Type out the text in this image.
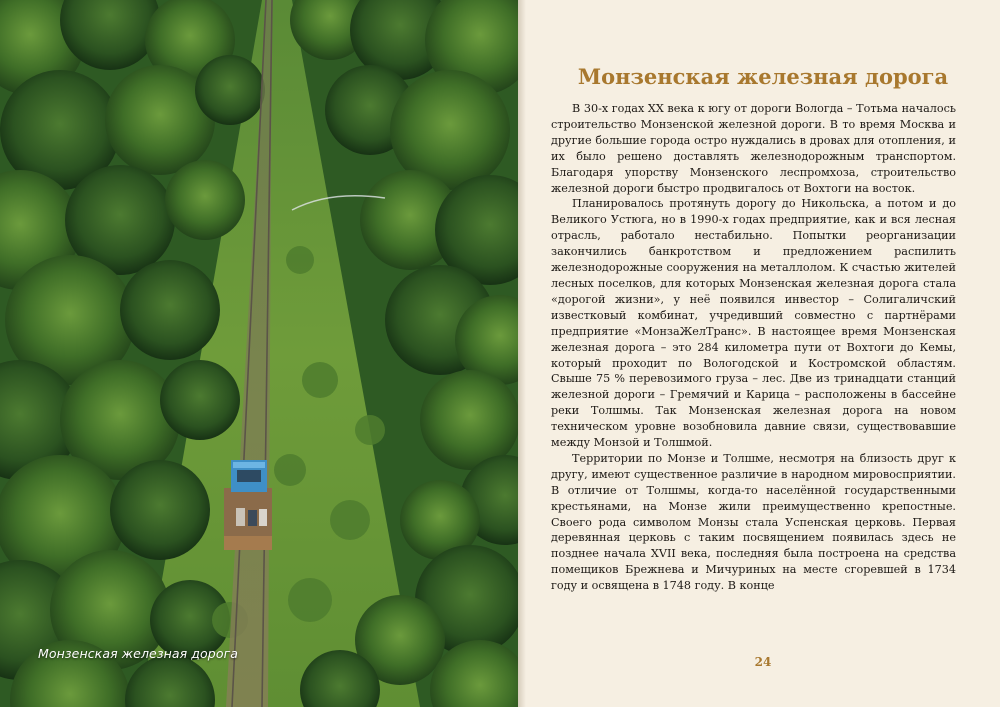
Монзенская железная дорога
Монзенская железная дорога

В 30-х годах XX века к югу от дороги Вологда – Тотьма началось строительство Монзенской железной дороги. В то время Москва и другие большие города остро нуждались в дровах для отопления, и их было решено доставлять железнодорожным транспортом. Благодаря упорству Монзенского леспромхоза, строительство железной дороги быстро продвигалось от Вохтоги на восток.

Планировалось протянуть дорогу до Никольска, а потом и до Великого Устюга, но в 1990-х годах предприятие, как и вся лесная отрасль, работало нестабильно. Попытки реорганизации закончились банкротством и предложением распилить железнодорожные сооружения на металлолом. К счастью жителей лесных поселков, для которых Монзенская железная дорога стала «дорогой жизни», у неё появился инвестор – Солигаличский известковый комбинат, учредивший совместно с партнёрами предприятие «МонзаЖелТранс». В настоящее время Монзенская железная дорога – это 284 километра пути от Вохтоги до Кемы, который проходит по Вологодской и Костромской областям. Свыше 75 % перевозимого груза – лес. Две из тринадцати станций железной дороги – Гремячий и Карица – расположены в бассейне реки Толшмы. Так Монзенская железная дорога на новом техническом уровне возобновила давние связи, существовавшие между Монзой и Толшмой.

Территории по Монзе и Толшме, несмотря на близость друг к другу, имеют существенное различие в народном мировосприятии. В отличие от Толшмы, когда-то населённой государственными крестьянами, на Монзе жили преимущественно крепостные. Своего рода символом Монзы стала Успенская церковь. Первая деревянная церковь с таким посвящением появилась здесь не позднее начала XVII века, последняя была построена на средства помещиков Брежнева и Мичуриных на месте сгоревшей в 1734 году и освящена в 1748 году. В конце

24
